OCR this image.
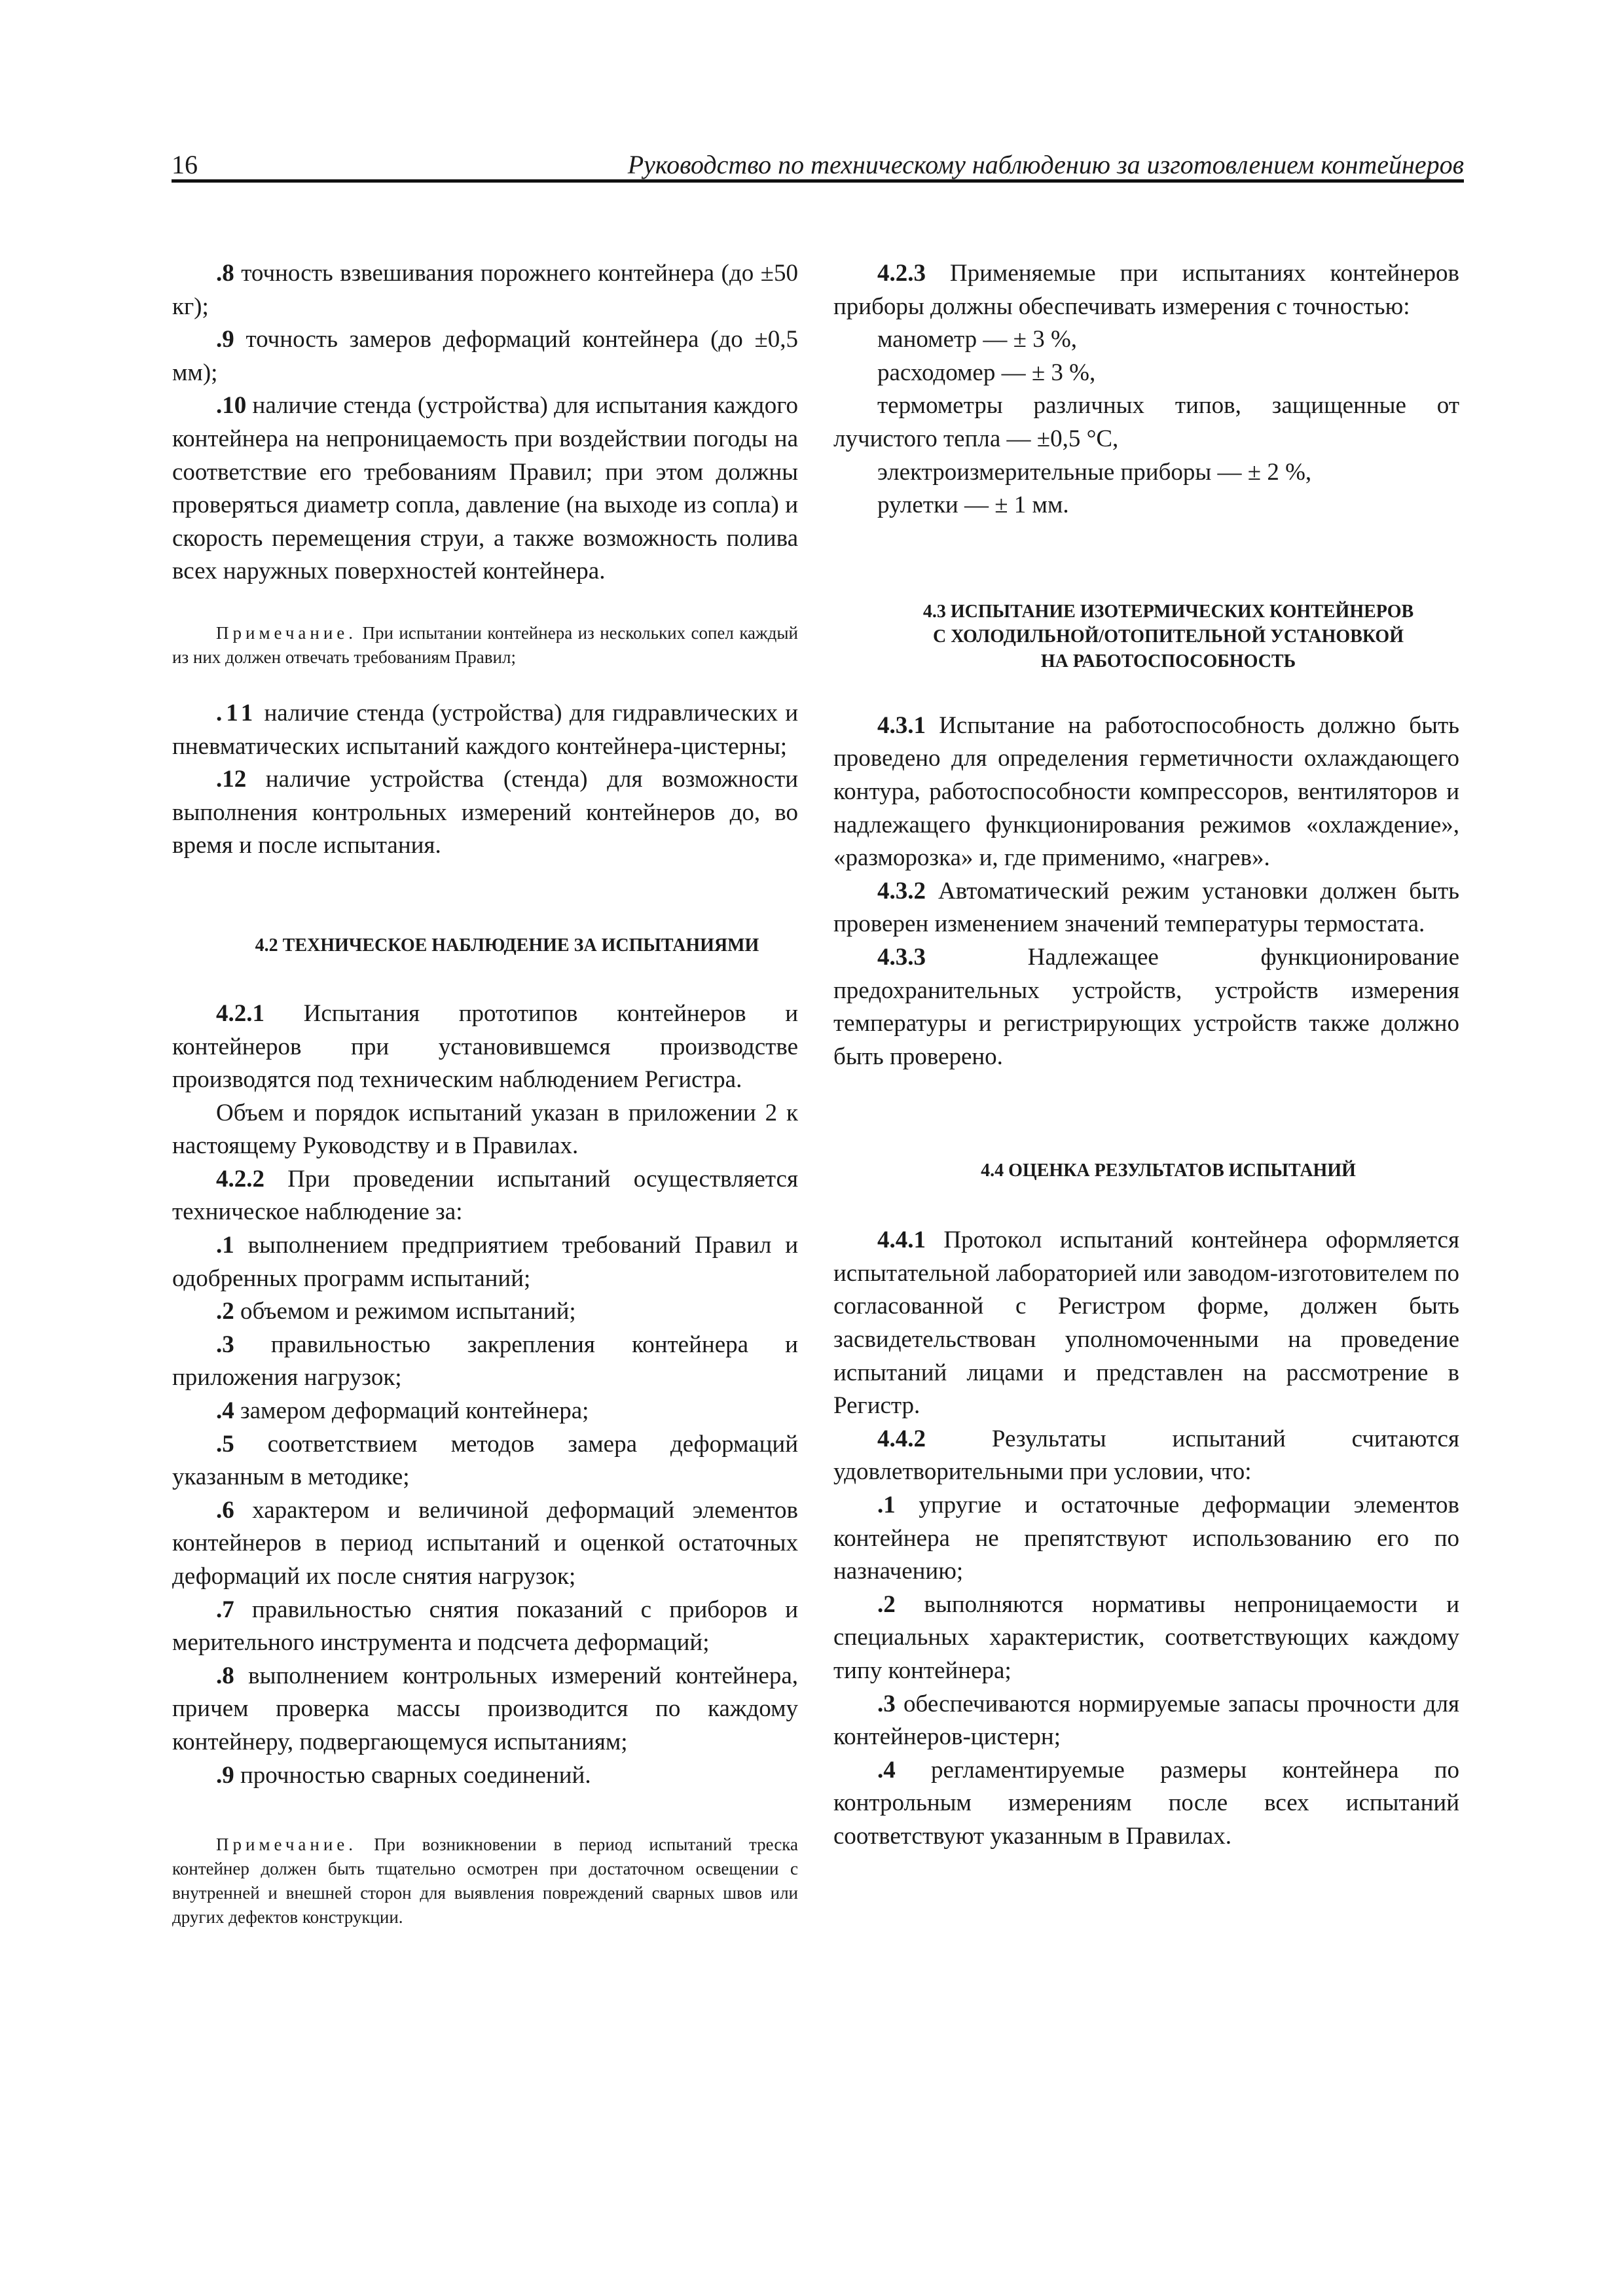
16	Руководство по техническому наблюдению за изготовлением контейнеров

.8 точность взвешивания порожнего контейнера (до ±50 кг);

.9 точность замеров деформаций контейнера (до ±0,5 мм);

.10 наличие стенда (устройства) для испытания каждого контейнера на непроницаемость при воздействии погоды на соответствие его требованиям Правил; при этом должны проверяться диаметр сопла, давление (на выходе из сопла) и скорость перемещения струи, а также возможность полива всех наружных поверхностей контейнера.

Примечание. При испытании контейнера из нескольких сопел каждый из них должен отвечать требованиям Правил;

.11 наличие стенда (устройства) для гидравлических и пневматических испытаний каждого контейнера-цистерны;

.12 наличие устройства (стенда) для возможности выполнения контрольных измерений контейнеров до, во время и после испытания.

4.2 ТЕХНИЧЕСКОЕ НАБЛЮДЕНИЕ ЗА ИСПЫТАНИЯМИ

4.2.1 Испытания прототипов контейнеров и контейнеров при установившемся производстве производятся под техническим наблюдением Регистра.

Объем и порядок испытаний указан в приложении 2 к настоящему Руководству и в Правилах.

4.2.2 При проведении испытаний осуществляется техническое наблюдение за:

.1 выполнением предприятием требований Правил и одобренных программ испытаний;

.2 объемом и режимом испытаний;

.3 правильностью закрепления контейнера и приложения нагрузок;

.4 замером деформаций контейнера;

.5 соответствием методов замера деформаций указанным в методике;

.6 характером и величиной деформаций элементов контейнеров в период испытаний и оценкой остаточных деформаций их после снятия нагрузок;

.7 правильностью снятия показаний с приборов и мерительного инструмента и подсчета деформаций;

.8 выполнением контрольных измерений контейнера, причем проверка массы производится по каждому контейнеру, подвергающемуся испытаниям;

.9 прочностью сварных соединений.

Примечание. При возникновении в период испытаний треска контейнер должен быть тщательно осмотрен при достаточном освещении с внутренней и внешней сторон для выявления повреждений сварных швов или других дефектов конструкции.

4.2.3 Применяемые при испытаниях контейнеров приборы должны обеспечивать измерения с точностью:

манометр — ± 3 %,

расходомер — ± 3 %,

термометры различных типов, защищенные от лучистого тепла — ±0,5 °С,

электроизмерительные приборы — ± 2 %,

рулетки — ± 1 мм.

4.3 ИСПЫТАНИЕ ИЗОТЕРМИЧЕСКИХ КОНТЕЙНЕРОВ

С ХОЛОДИЛЬНОЙ/ОТОПИТЕЛЬНОЙ УСТАНОВКОЙ

НА РАБОТОСПОСОБНОСТЬ

4.3.1 Испытание на работоспособность должно быть проведено для определения герметичности охлаждающего контура, работоспособности компрессоров, вентиляторов и надлежащего функционирования режимов «охлаждение», «разморозка» и, где применимо, «нагрев».

4.3.2 Автоматический режим установки должен быть проверен изменением значений температуры термостата.

4.3.3 Надлежащее функционирование предохранительных устройств, устройств измерения температуры и регистрирующих устройств также должно быть проверено.

4.4 ОЦЕНКА РЕЗУЛЬТАТОВ ИСПЫТАНИЙ

4.4.1 Протокол испытаний контейнера оформляется испытательной лабораторией или заводом-изготовителем по согласованной с Регистром форме, должен быть засвидетельствован уполномоченными на проведение испытаний лицами и представлен на рассмотрение в Регистр.

4.4.2 Результаты испытаний считаются удовлетворительными при условии, что:

.1 упругие и остаточные деформации элементов контейнера не препятствуют использованию его по назначению;

.2 выполняются нормативы непроницаемости и специальных характеристик, соответствующих каждому типу контейнера;

.3 обеспечиваются нормируемые запасы прочности для контейнеров-цистерн;

.4 регламентируемые размеры контейнера по контрольным измерениям после всех испытаний соответствуют указанным в Правилах.
